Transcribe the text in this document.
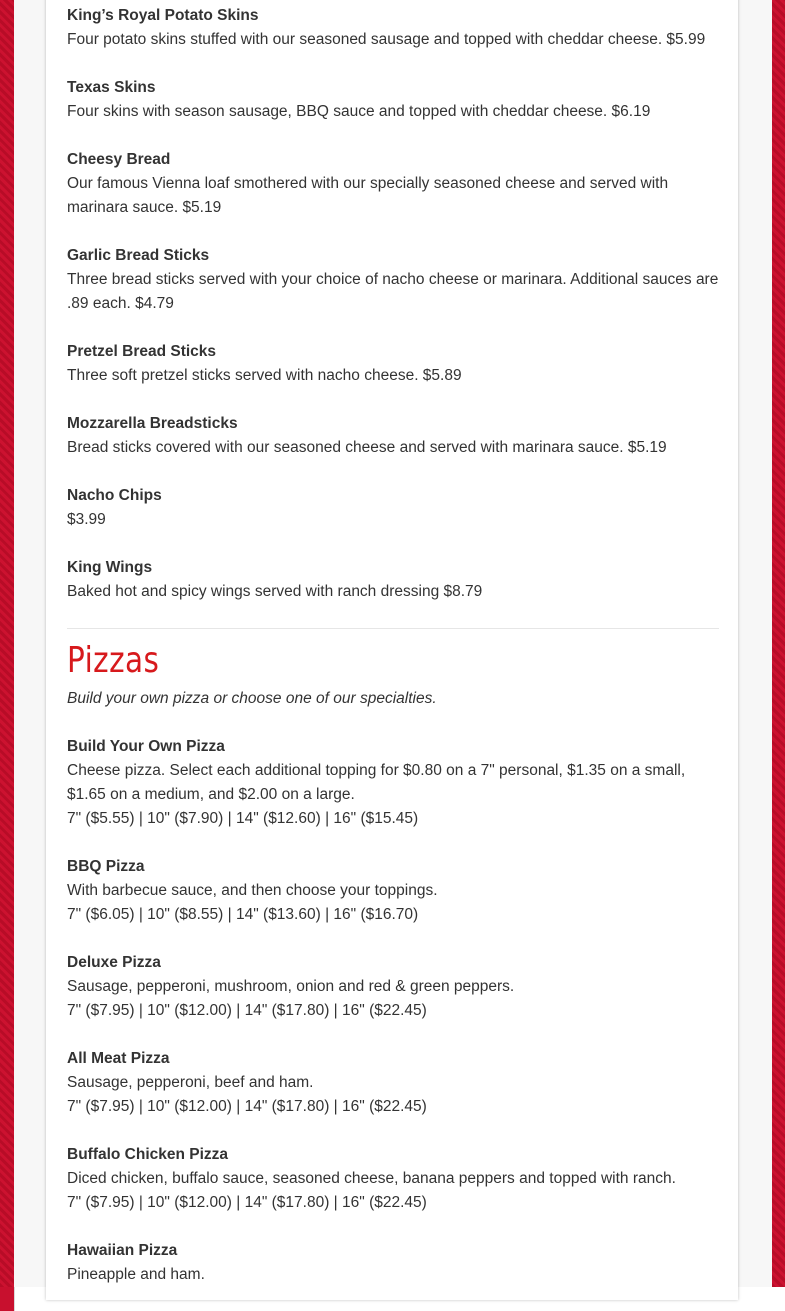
King’s Royal Potato Skins
Four potato skins stuffed with our seasoned sausage and topped with cheddar cheese. $5.99
Texas Skins
Four skins with season sausage, BBQ sauce and topped with cheddar cheese. $6.19
Cheesy Bread
Our famous Vienna loaf smothered with our specially seasoned cheese and served with marinara sauce. $5.19
Garlic Bread Sticks
Three bread sticks served with your choice of nacho cheese or marinara. Additional sauces are .89 each. $4.79
Pretzel Bread Sticks
Three soft pretzel sticks served with nacho cheese. $5.89
Mozzarella Breadsticks
Bread sticks covered with our seasoned cheese and served with marinara sauce. $5.19
Nacho Chips
$3.99
King Wings
Baked hot and spicy wings served with ranch dressing $8.79
Pizzas
Build your own pizza or choose one of our specialties.
Build Your Own Pizza
Cheese pizza. Select each additional topping for $0.80 on a 7" personal, $1.35 on a small, $1.65 on a medium, and $2.00 on a large.
7" ($5.55) | 10" ($7.90) | 14" ($12.60) | 16" ($15.45)
BBQ Pizza
With barbecue sauce, and then choose your toppings.
7" ($6.05) | 10" ($8.55) | 14" ($13.60) | 16" ($16.70)
Deluxe Pizza
Sausage, pepperoni, mushroom, onion and red & green peppers.
7" ($7.95) | 10" ($12.00) | 14" ($17.80) | 16" ($22.45)
All Meat Pizza
Sausage, pepperoni, beef and ham.
7" ($7.95) | 10" ($12.00) | 14" ($17.80) | 16" ($22.45)
Buffalo Chicken Pizza
Diced chicken, buffalo sauce, seasoned cheese, banana peppers and topped with ranch.
7" ($7.95) | 10" ($12.00) | 14" ($17.80) | 16" ($22.45)
Hawaiian Pizza
Pineapple and ham.
